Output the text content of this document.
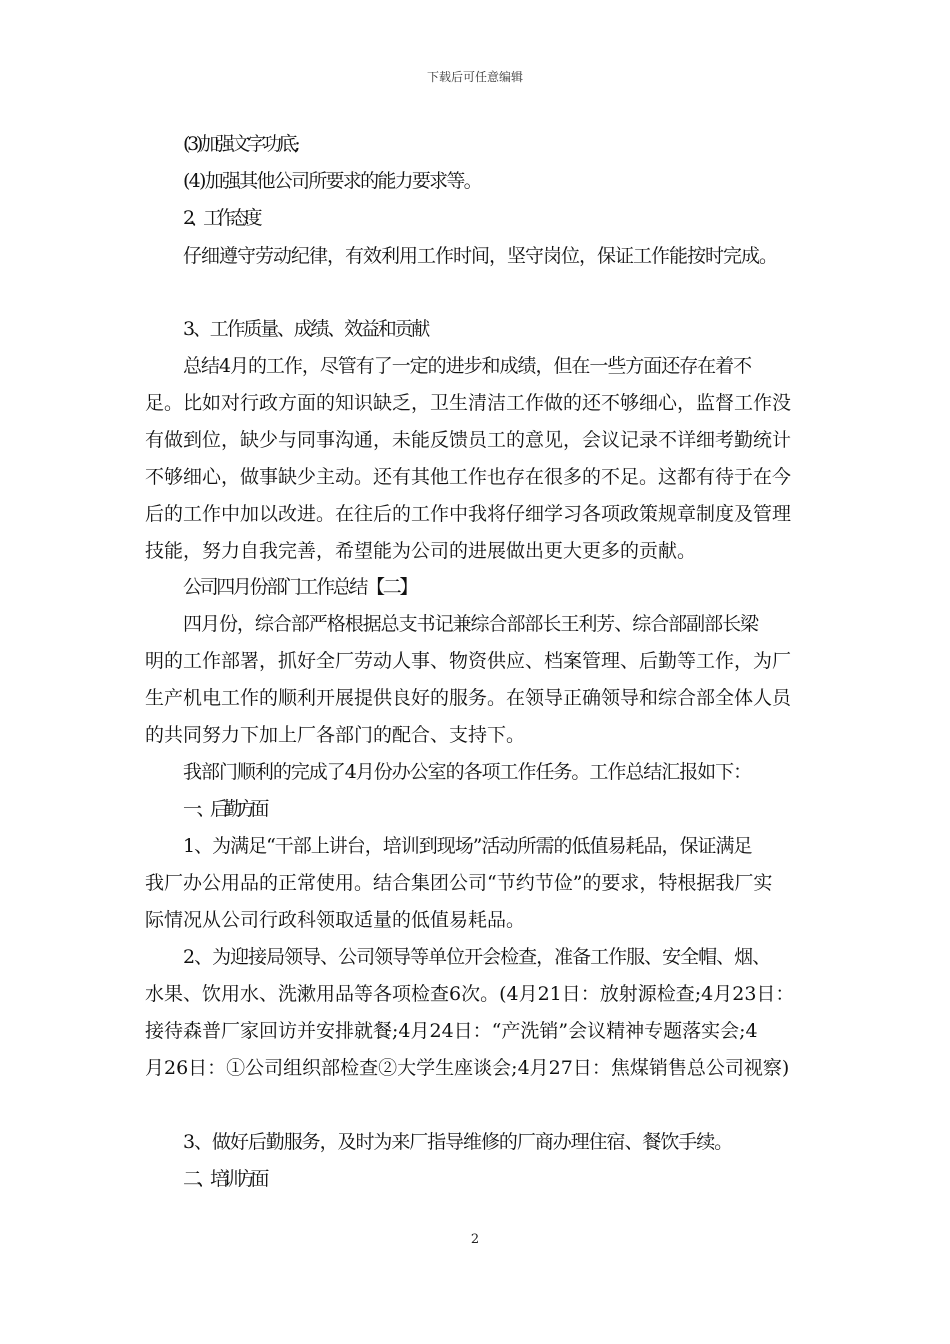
下载后可任意编辑
(3)加强文字功底;
(4)加强其他公司所要求的能力要求等。
2、工作态度
仔细遵守劳动纪律，有效利用工作时间，坚守岗位，保证工作能按时完成。
3、工作质量、成绩、效益和贡献
总结4月的工作，尽管有了一定的进步和成绩，但在一些方面还存在着不
足。比如对行政方面的知识缺乏，卫生清洁工作做的还不够细心，监督工作没
有做到位，缺少与同事沟通，未能反馈员工的意见，会议记录不详细考勤统计
不够细心，做事缺少主动。还有其他工作也存在很多的不足。这都有待于在今
后的工作中加以改进。在往后的工作中我将仔细学习各项政策规章制度及管理
技能，努力自我完善，希望能为公司的进展做出更大更多的贡献。
公司四月份部门工作总结【二】
四月份，综合部严格根据总支书记兼综合部部长王利芳、综合部副部长梁
明的工作部署，抓好全厂劳动人事、物资供应、档案管理、后勤等工作，为厂
生产机电工作的顺利开展提供良好的服务。在领导正确领导和综合部全体人员
的共同努力下加上厂各部门的配合、支持下。
我部门顺利的完成了4月份办公室的各项工作任务。工作总结汇报如下：
一、后勤方面
1、为满足“干部上讲台，培训到现场”活动所需的低值易耗品，保证满足
我厂办公用品的正常使用。结合集团公司“节约节俭”的要求，特根据我厂实
际情况从公司行政科领取适量的低值易耗品。
2、为迎接局领导、公司领导等单位开会检查，准备工作服、安全帽、烟、
水果、饮用水、洗漱用品等各项检查6次。(4月21日：放射源检查;4月23日：
接待森普厂家回访并安排就餐;4月24日：“产洗销”会议精神专题落实会;4
月26日：①公司组织部检查②大学生座谈会;4月27日：焦煤销售总公司视察)
3、做好后勤服务，及时为来厂指导维修的厂商办理住宿、餐饮手续。
二、培训方面
2
